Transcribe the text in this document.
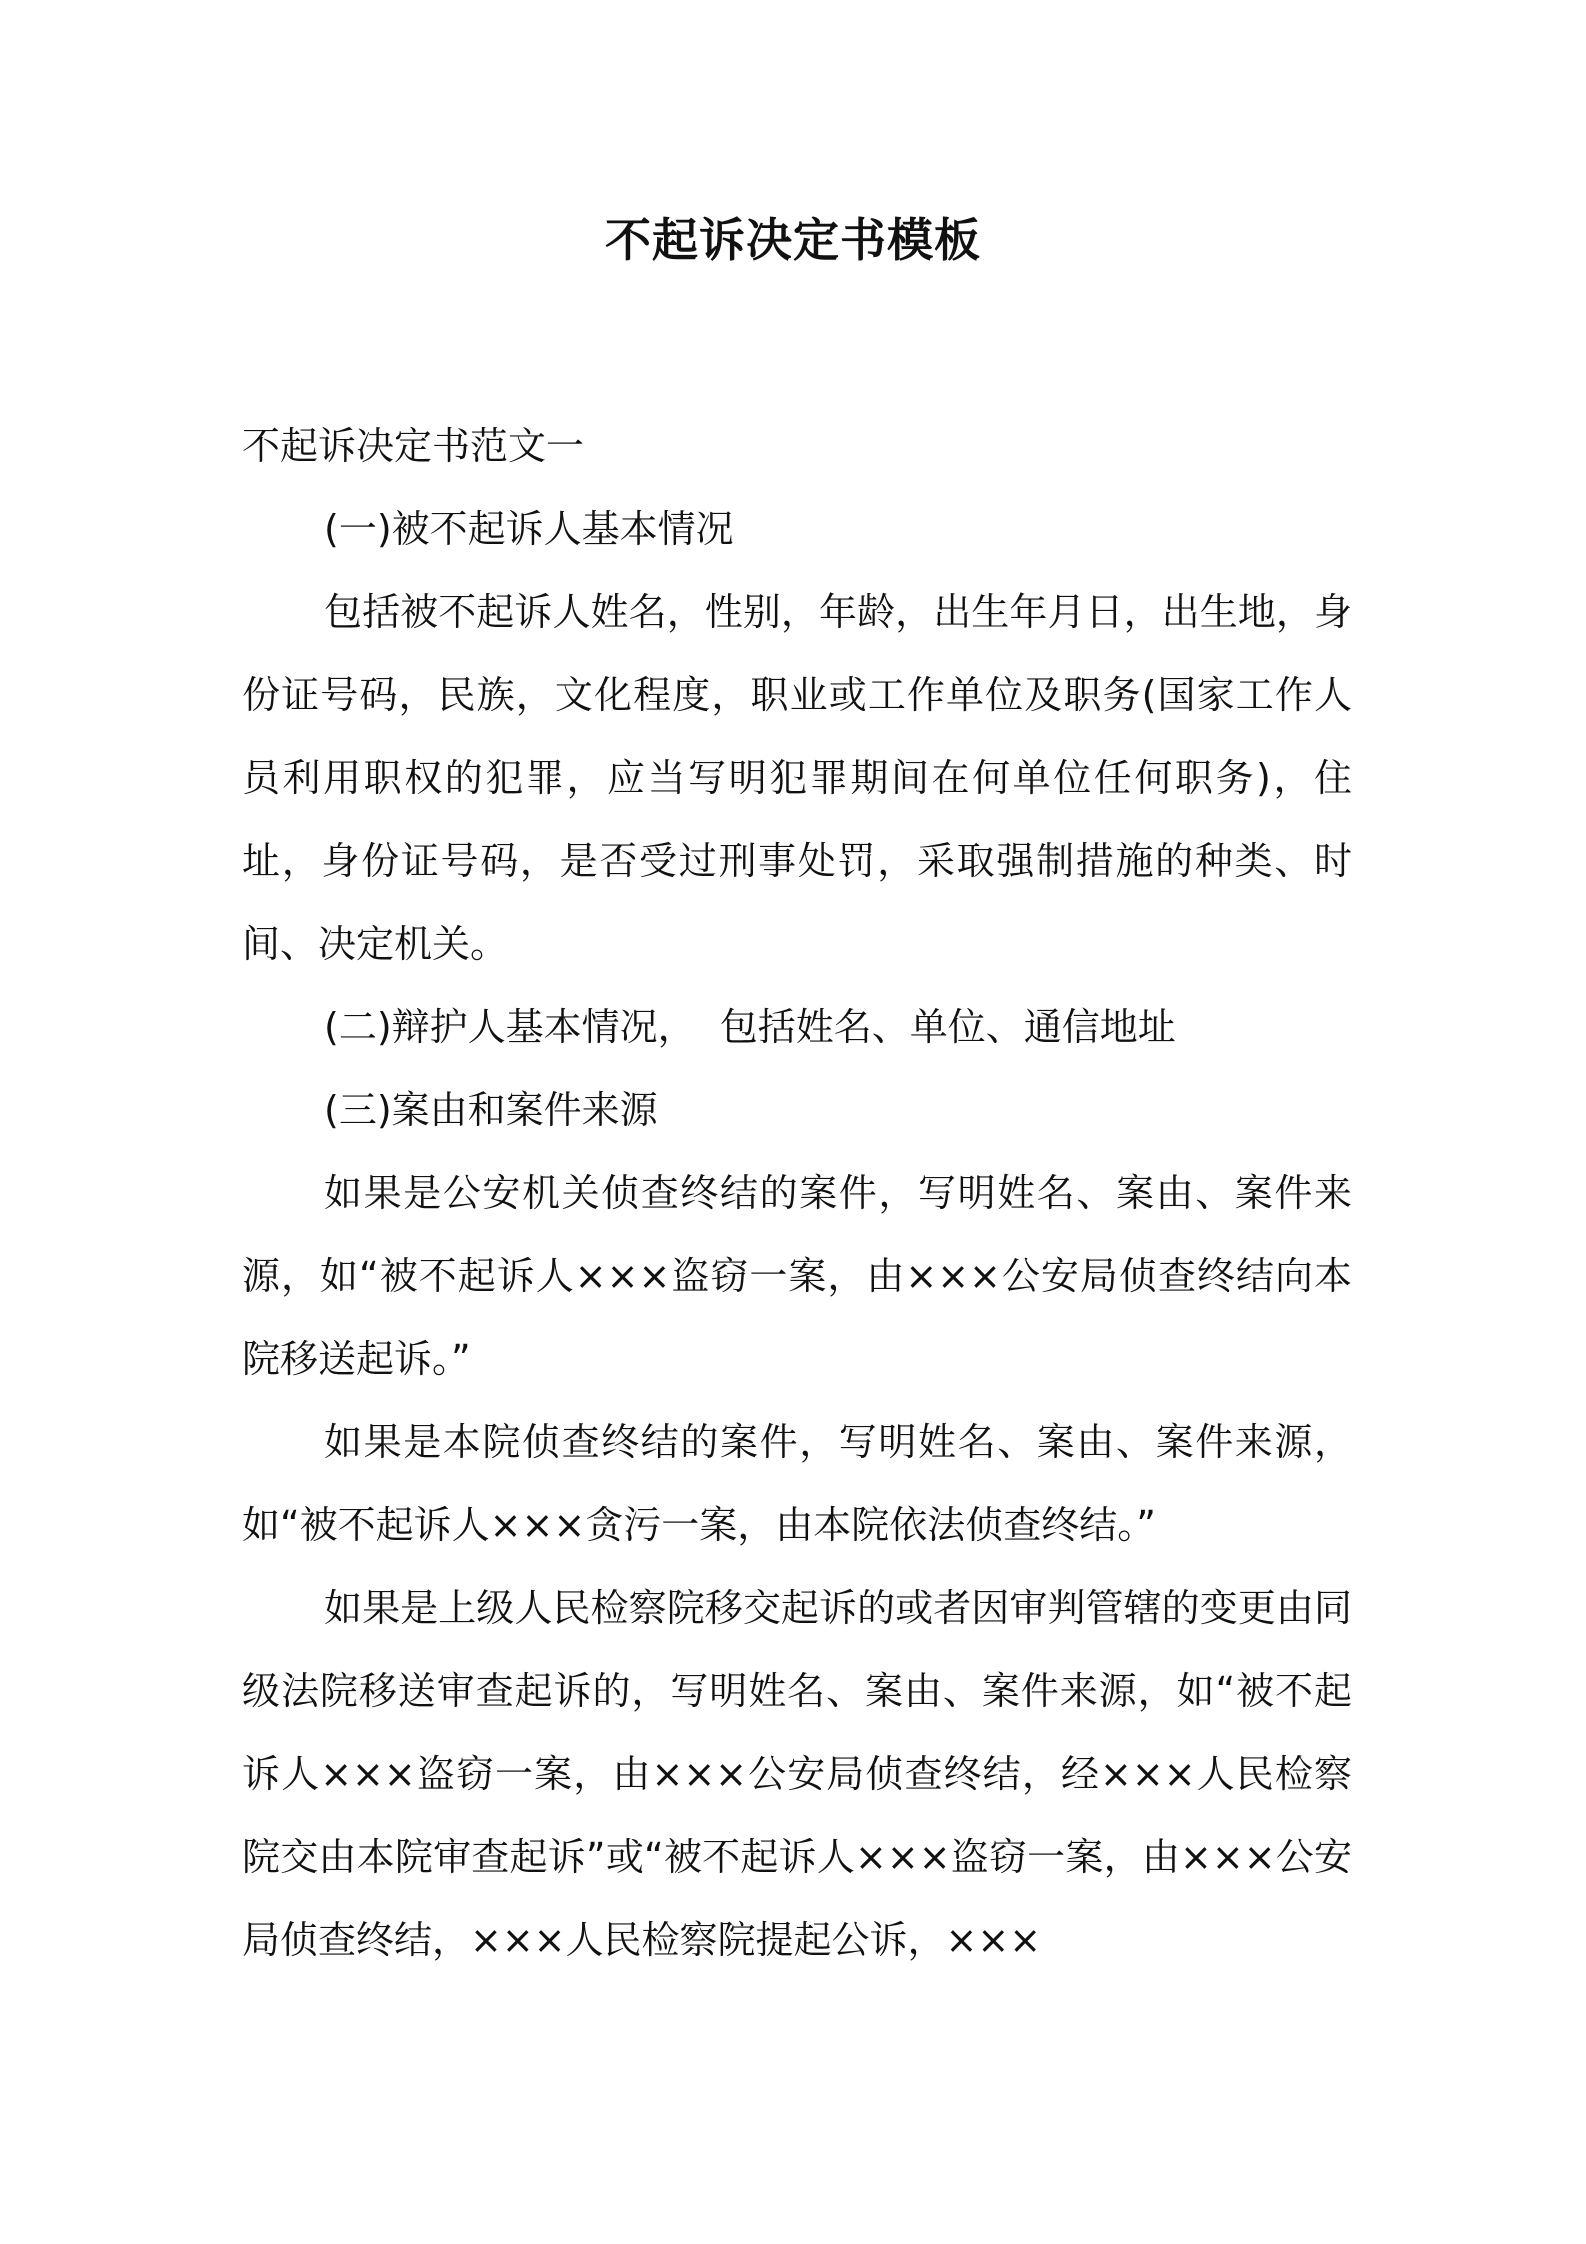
不起诉决定书模板

不起诉决定书范文一

(一)被不起诉人基本情况

包括被不起诉人姓名，性别，年龄，出生年月日，出生地，身份证号码，民族，文化程度，职业或工作单位及职务(国家工作人员利用职权的犯罪，应当写明犯罪期间在何单位任何职务)，住址，身份证号码，是否受过刑事处罚，采取强制措施的种类、时间、决定机关。

(二)辩护人基本情况，  包括姓名、单位、通信地址

(三)案由和案件来源

如果是公安机关侦查终结的案件，写明姓名、案由、案件来源，如“被不起诉人×××盗窃一案，由×××公安局侦查终结向本院移送起诉。”

如果是本院侦查终结的案件，写明姓名、案由、案件来源，如“被不起诉人×××贪污一案，由本院依法侦查终结。”

如果是上级人民检察院移交起诉的或者因审判管辖的变更由同级法院移送审查起诉的，写明姓名、案由、案件来源，如“被不起诉人×××盗窃一案，由×××公安局侦查终结，经×××人民检察院交由本院审查起诉”或“被不起诉人×××盗窃一案，由×××公安局侦查终结，×××人民检察院提起公诉，×××
